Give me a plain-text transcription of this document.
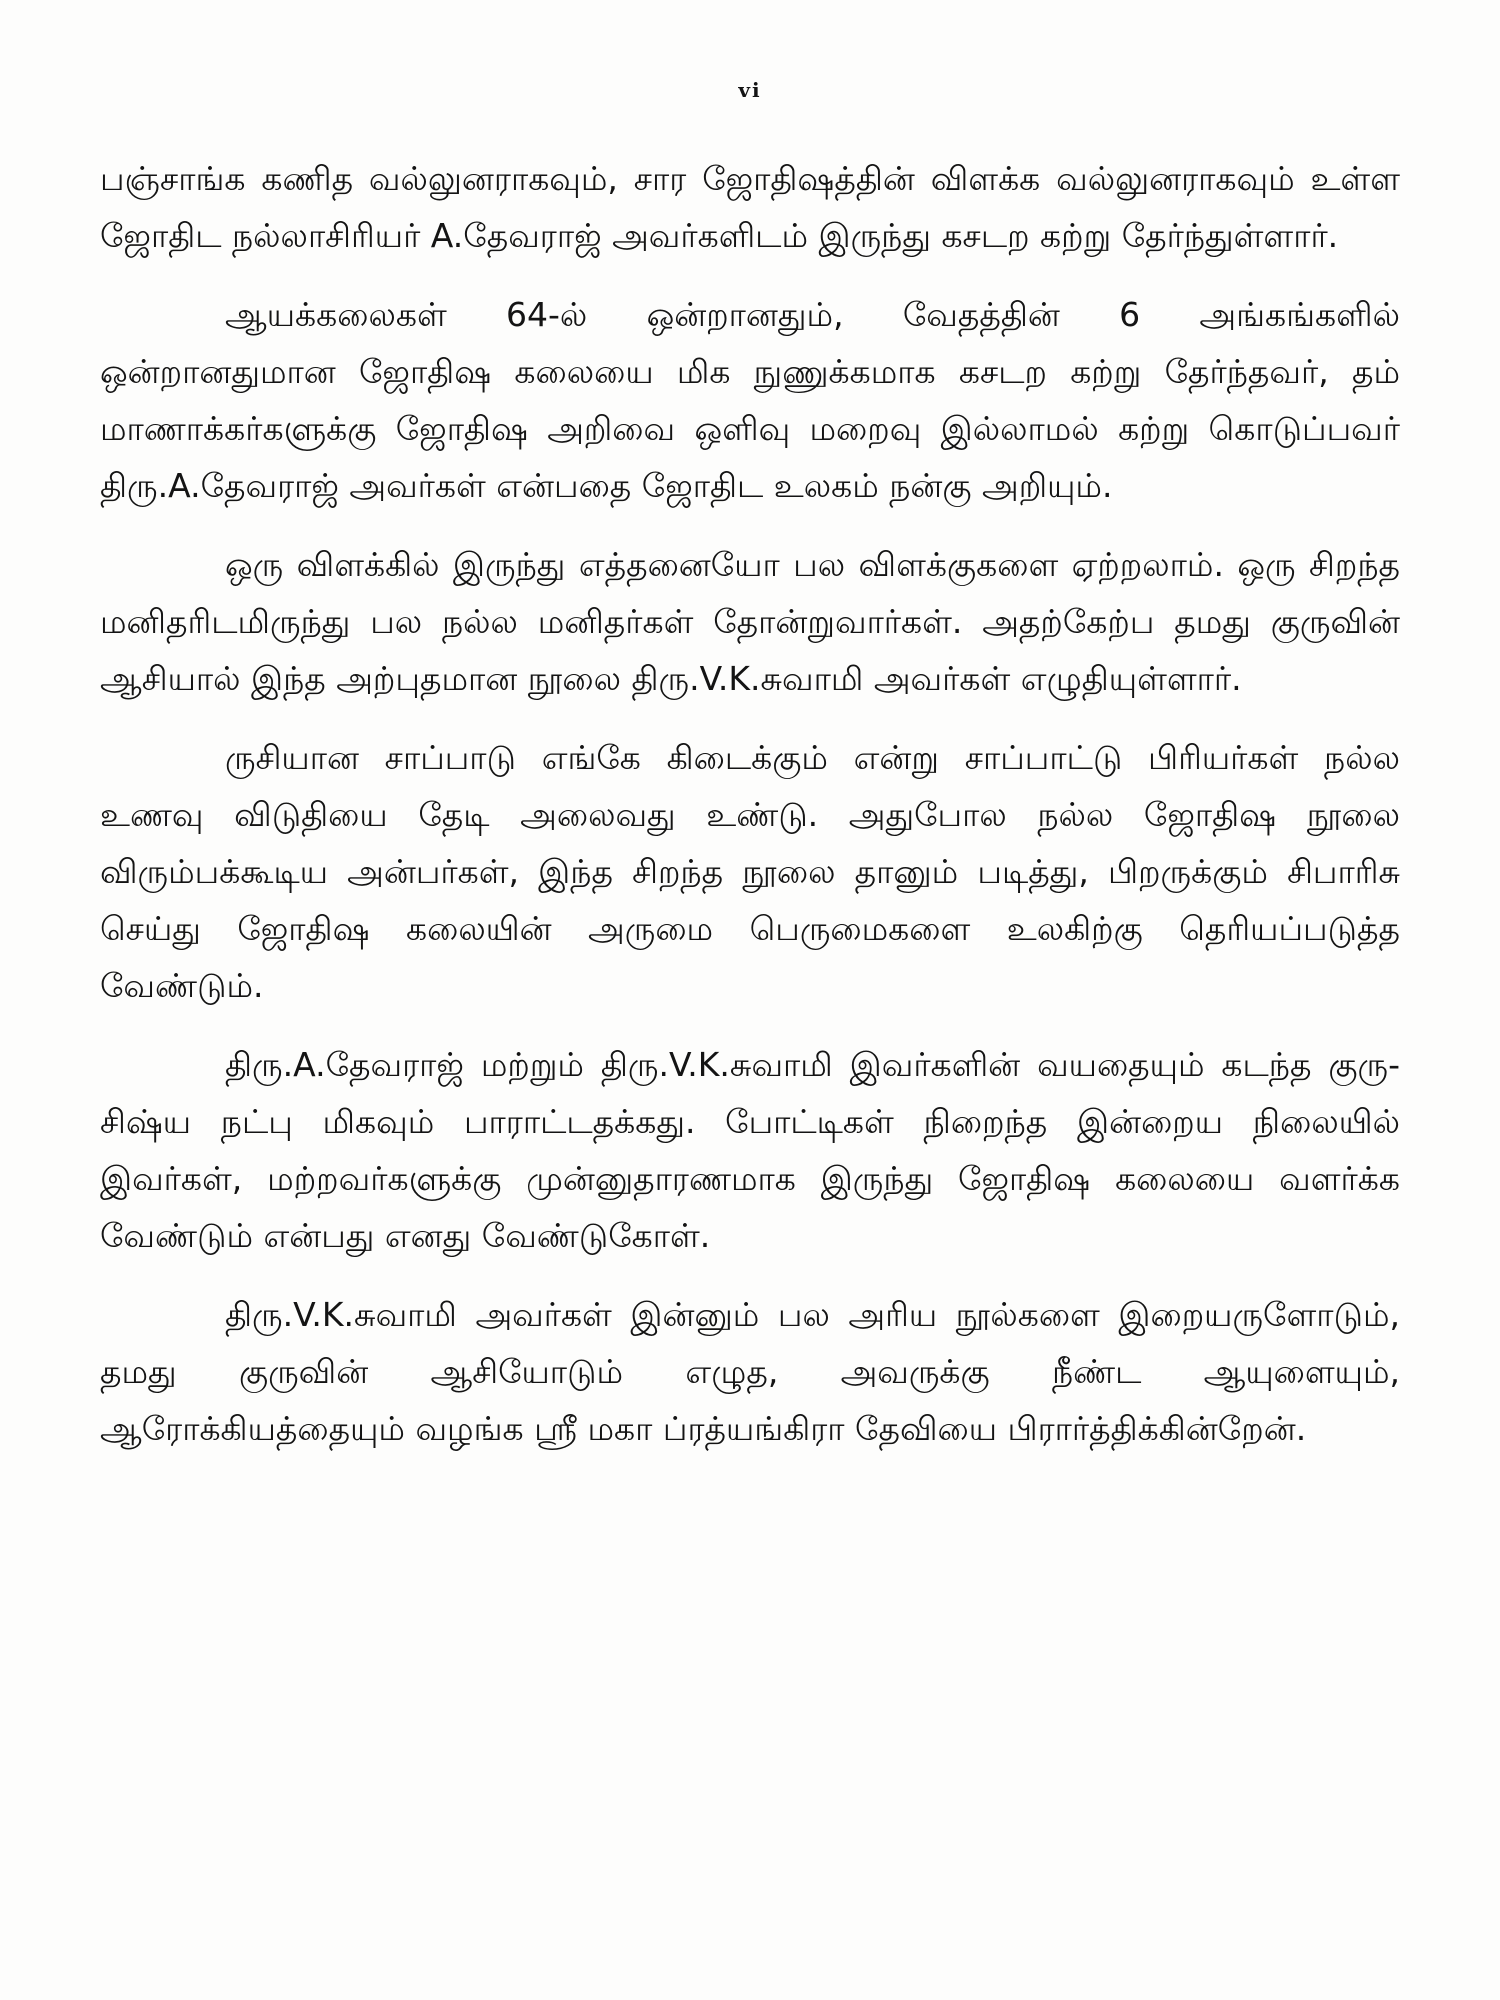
vi

பஞ்சாங்க கணித வல்லுனராகவும், சார ஜோதிஷத்தின் விளக்க வல்லுனராகவும் உள்ள ஜோதிட நல்லாசிரியர் A.தேவராஜ் அவர்களிடம் இருந்து கசடற கற்று தேர்ந்துள்ளார்.

ஆயக்கலைகள் 64-ல் ஒன்றானதும், வேதத்தின் 6 அங்கங்களில் ஒன்றானதுமான ஜோதிஷ கலையை மிக நுணுக்கமாக கசடற கற்று தேர்ந்தவர், தம் மாணாக்கர்களுக்கு ஜோதிஷ அறிவை ஒளிவு மறைவு இல்லாமல் கற்று கொடுப்பவர் திரு.A.தேவராஜ் அவர்கள் என்பதை ஜோதிட உலகம் நன்கு அறியும்.

ஒரு விளக்கில் இருந்து எத்தனையோ பல விளக்குகளை ஏற்றலாம். ஒரு சிறந்த மனிதரிடமிருந்து பல நல்ல மனிதர்கள் தோன்றுவார்கள். அதற்கேற்ப தமது குருவின் ஆசியால் இந்த அற்புதமான நூலை திரு.V.K.சுவாமி அவர்கள் எழுதியுள்ளார்.

ருசியான சாப்பாடு எங்கே கிடைக்கும் என்று சாப்பாட்டு பிரியர்கள் நல்ல உணவு விடுதியை தேடி அலைவது உண்டு. அதுபோல நல்ல ஜோதிஷ நூலை விரும்பக்கூடிய அன்பர்கள், இந்த சிறந்த நூலை தானும் படித்து, பிறருக்கும் சிபாரிசு செய்து ஜோதிஷ கலையின் அருமை பெருமைகளை உலகிற்கு தெரியப்படுத்த வேண்டும்.

திரு.A.தேவராஜ் மற்றும் திரு.V.K.சுவாமி இவர்களின் வயதையும் கடந்த குரு-சிஷ்ய நட்பு மிகவும் பாராட்டதக்கது. போட்டிகள் நிறைந்த இன்றைய நிலையில் இவர்கள், மற்றவர்களுக்கு முன்னுதாரணமாக இருந்து ஜோதிஷ கலையை வளர்க்க வேண்டும் என்பது எனது வேண்டுகோள்.

திரு.V.K.சுவாமி அவர்கள் இன்னும் பல அரிய நூல்களை இறையருளோடும், தமது குருவின் ஆசியோடும் எழுத, அவருக்கு நீண்ட ஆயுளையும், ஆரோக்கியத்தையும் வழங்க ஸ்ரீ மகா ப்ரத்யங்கிரா தேவியை பிரார்த்திக்கின்றேன்.
